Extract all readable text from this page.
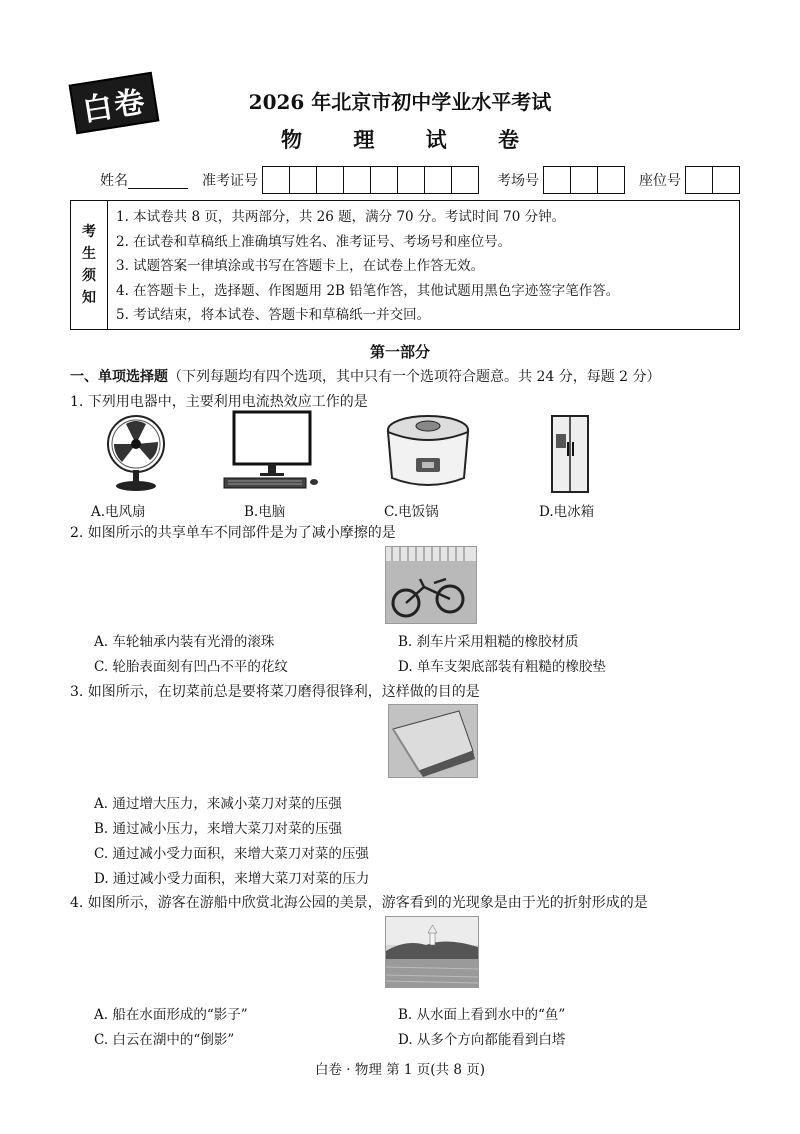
白卷	2026 年北京市初中学业水平考试
物 理 试 卷
姓名	准考证号	考场号	座位号
考
生
须
知
1. 本试卷共 8 页，共两部分，共 26 题，满分 70 分。考试时间 70 分钟。
2. 在试卷和草稿纸上准确填写姓名、准考证号、考场号和座位号。
3. 试题答案一律填涂或书写在答题卡上，在试卷上作答无效。
4. 在答题卡上，选择题、作图题用 2B 铅笔作答，其他试题用黑色字迹签字笔作答。
5. 考试结束，将本试卷、答题卡和草稿纸一并交回。
第一部分
一、单项选择题（下列每题均有四个选项，其中只有一个选项符合题意。共 24 分，每题 2 分）
1. 下列用电器中，主要利用电流热效应工作的是
A.电风扇	B.电脑	C.电饭锅	D.电冰箱
2. 如图所示的共享单车不同部件是为了减小摩擦的是
A. 车轮轴承内装有光滑的滚珠	B. 刹车片采用粗糙的橡胶材质
C. 轮胎表面刻有凹凸不平的花纹	D. 单车支架底部装有粗糙的橡胶垫
3. 如图所示，在切菜前总是要将菜刀磨得很锋利，这样做的目的是
A. 通过增大压力，来减小菜刀对菜的压强
B. 通过减小压力，来增大菜刀对菜的压强
C. 通过减小受力面积，来增大菜刀对菜的压强
D. 通过减小受力面积，来增大菜刀对菜的压力
4. 如图所示，游客在游船中欣赏北海公园的美景，游客看到的光现象是由于光的折射形成的是
A. 船在水面形成的“影子”	B. 从水面上看到水中的“鱼”
C. 白云在湖中的“倒影”	D. 从多个方向都能看到白塔
白卷 · 物理 第 1 页(共 8 页)
